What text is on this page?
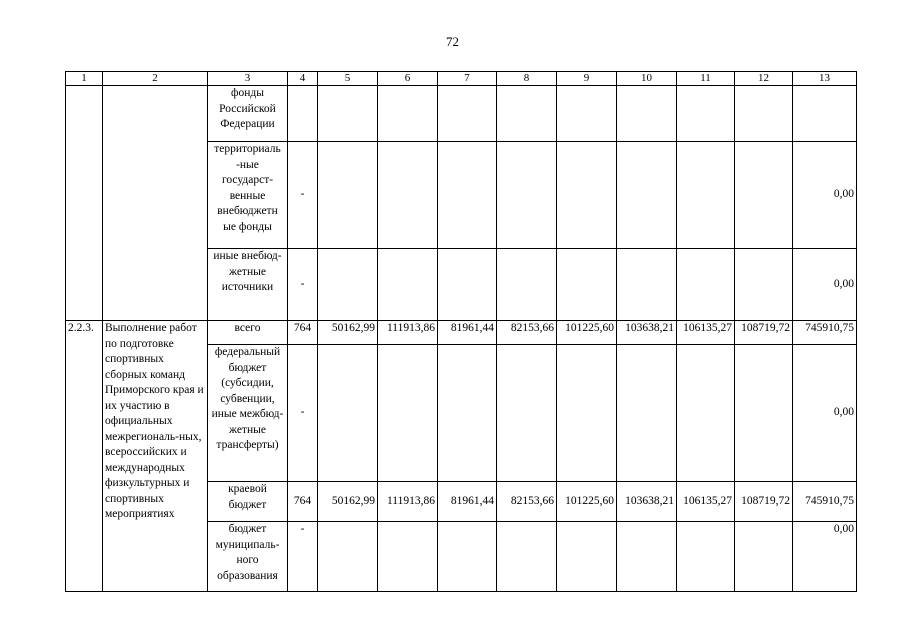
72
1	2	3	4	5	6	7	8	9	10	11	12	13
		фонды Российской Федерации										
		территориаль -ные государст-венные внебюджетн ые фонды	-									0,00
		иные внебюд-жетные источники	-									0,00
2.2.3.	Выполнение работ по подготовке спортивных сборных команд Приморского края и их участию в официальных межрегиональ-ных, всероссийских и международных физкультурных и спортивных мероприятиях	всего	764	50162,99	111913,86	81961,44	82153,66	101225,60	103638,21	106135,27	108719,72	745910,75
		федеральный бюджет (субсидии, субвенции, иные межбюд-жетные трансферты)	-									0,00
		краевой бюджет	764	50162,99	111913,86	81961,44	82153,66	101225,60	103638,21	106135,27	108719,72	745910,75
		бюджет муниципаль-ного образования	-									0,00
